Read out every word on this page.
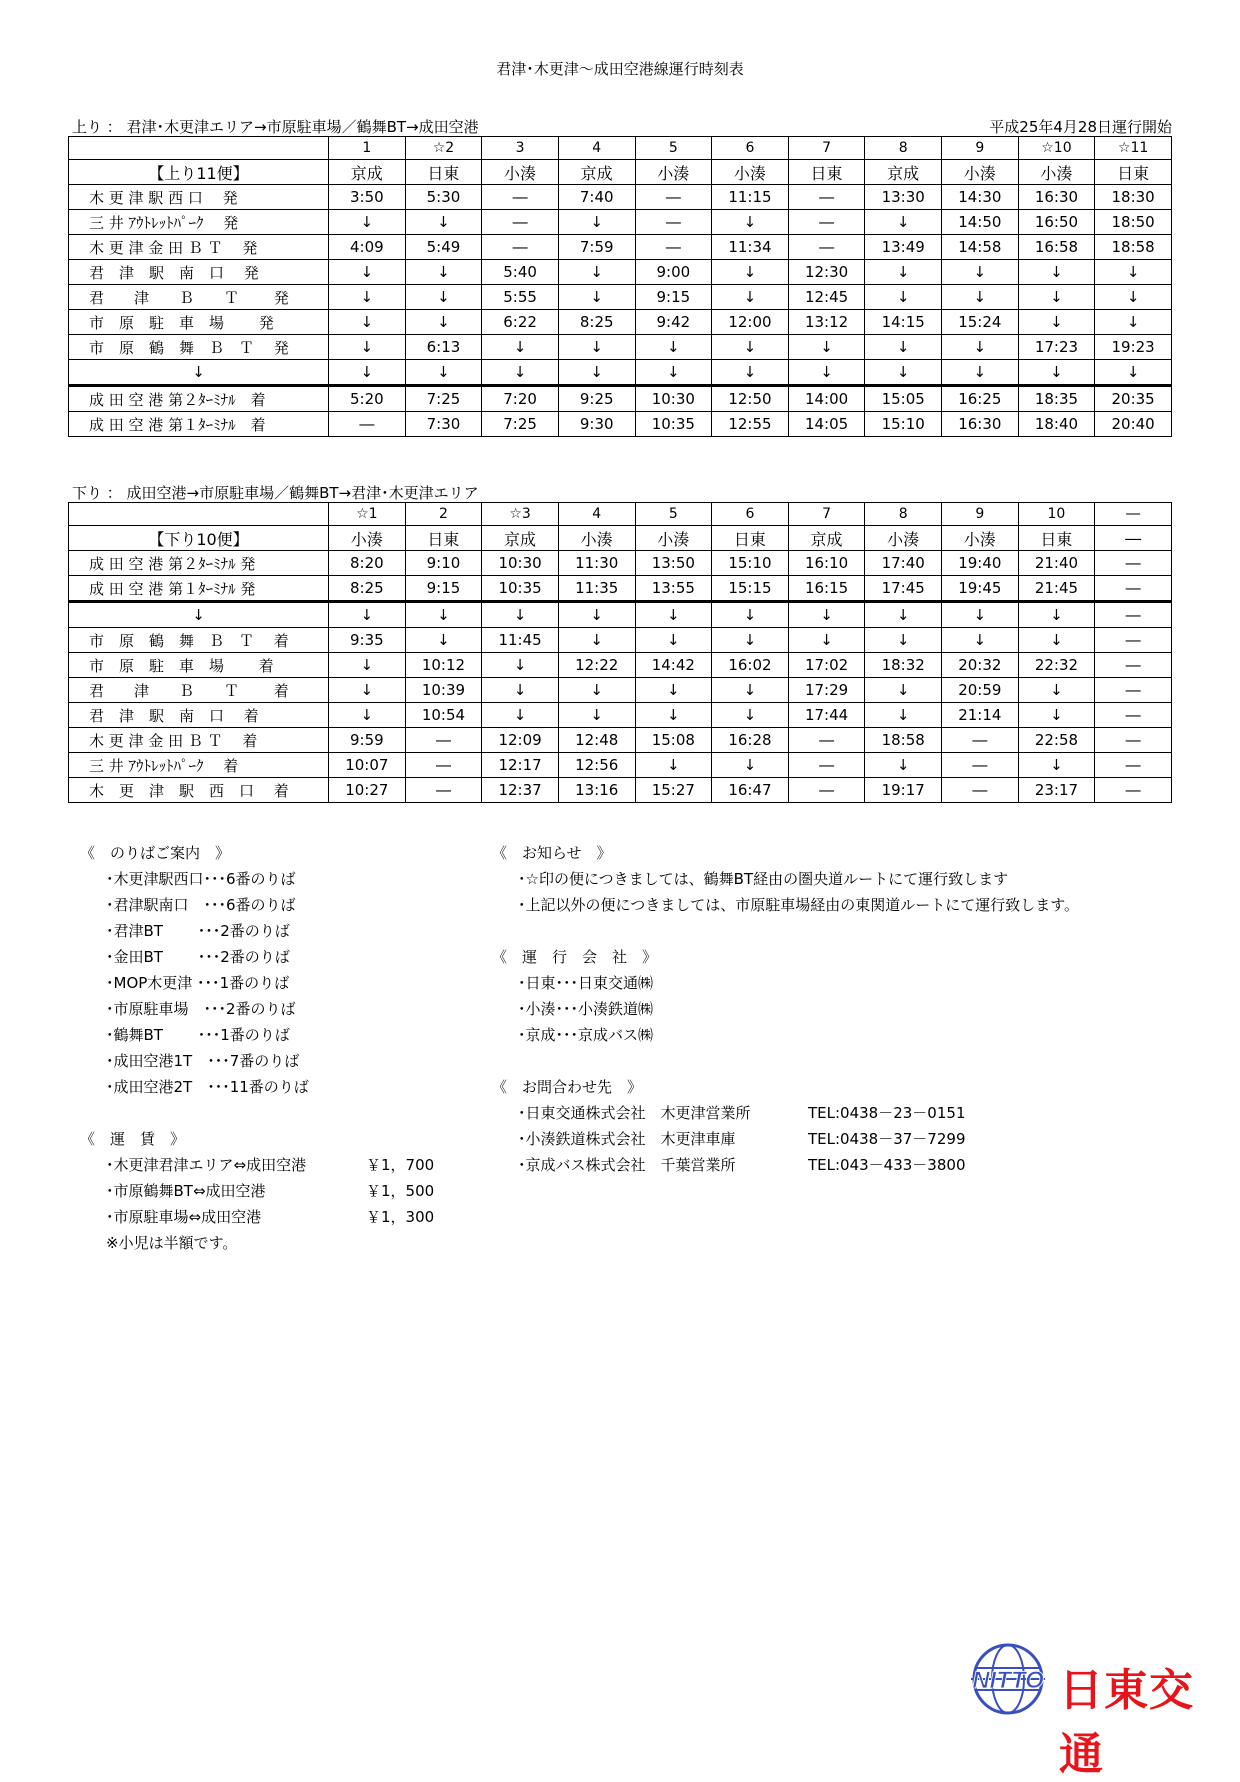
君津･木更津～成田空港線運行時刻表
上り ： 君津･木更津エリア→市原駐車場／鶴舞BT→成田空港	平成25年4月28日運行開始
	1	☆2	3	4	5	6	7	8	9	☆10	☆11
【上り11便】	京成	日東	小湊	京成	小湊	小湊	日東	京成	小湊	小湊	日東
木 更 津 駅 西 口　 発	3:50	5:30	―	7:40	―	11:15	―	13:30	14:30	16:30	18:30
三 井 ｱｳﾄﾚｯﾄﾊﾟｰｸ　 発	↓	↓	―	↓	―	↓	―	↓	14:50	16:50	18:50
木 更 津 金 田 Ｂ Ｔ　 発	4:09	5:49	―	7:59	―	11:34	―	13:49	14:58	16:58	18:58
君　津　駅　南　口　 発	↓	↓	5:40	↓	9:00	↓	12:30	↓	↓	↓	↓
君　　津　　Ｂ　　Ｔ　　 発	↓	↓	5:55	↓	9:15	↓	12:45	↓	↓	↓	↓
市　原　駐　車　場　　 発	↓	↓	6:22	8:25	9:42	12:00	13:12	14:15	15:24	↓	↓
市　原　鶴　舞　Ｂ　Ｔ　 発	↓	6:13	↓	↓	↓	↓	↓	↓	↓	17:23	19:23
↓	↓	↓	↓	↓	↓	↓	↓	↓	↓	↓	↓
成 田 空 港 第２ﾀｰﾐﾅﾙ　着	5:20	7:25	7:20	9:25	10:30	12:50	14:00	15:05	16:25	18:35	20:35
成 田 空 港 第１ﾀｰﾐﾅﾙ　着	―	7:30	7:25	9:30	10:35	12:55	14:05	15:10	16:30	18:40	20:40
下り ： 成田空港→市原駐車場／鶴舞BT→君津･木更津エリア
	☆1	2	☆3	4	5	6	7	8	9	10	―
【下り10便】	小湊	日東	京成	小湊	小湊	日東	京成	小湊	小湊	日東	―
成 田 空 港 第２ﾀｰﾐﾅﾙ 発	8:20	9:10	10:30	11:30	13:50	15:10	16:10	17:40	19:40	21:40	―
成 田 空 港 第１ﾀｰﾐﾅﾙ 発	8:25	9:15	10:35	11:35	13:55	15:15	16:15	17:45	19:45	21:45	―
↓	↓	↓	↓	↓	↓	↓	↓	↓	↓	↓	―
市　原　鶴　舞　Ｂ　Ｔ　 着	9:35	↓	11:45	↓	↓	↓	↓	↓	↓	↓	―
市　原　駐　車　場　　 着	↓	10:12	↓	12:22	14:42	16:02	17:02	18:32	20:32	22:32	―
君　　津　　Ｂ　　Ｔ　　 着	↓	10:39	↓	↓	↓	↓	17:29	↓	20:59	↓	―
君　津　駅　南　口　 着	↓	10:54	↓	↓	↓	↓	17:44	↓	21:14	↓	―
木 更 津 金 田 Ｂ Ｔ　 着	9:59	―	12:09	12:48	15:08	16:28	―	18:58	―	22:58	―
三 井 ｱｳﾄﾚｯﾄﾊﾟｰｸ　 着	10:07	―	12:17	12:56	↓	↓	―	↓	―	↓	―
木　更　津　駅　西　口　 着	10:27	―	12:37	13:16	15:27	16:47	―	19:17	―	23:17	―
《　のりばご案内　》
･木更津駅西口･･･6番のりば
･君津駅南口　･･･6番のりば
･君津BT　　 ･･･2番のりば
･金田BT　　 ･･･2番のりば
･MOP木更津 ･･･1番のりば
･市原駐車場　･･･2番のりば
･鶴舞BT　　 ･･･1番のりば
･成田空港1T　･･･7番のりば
･成田空港2T　･･･11番のりば
《　運　賃　》
･木更津君津エリア⇔成田空港	￥1，700
･市原鶴舞BT⇔成田空港	￥1，500
･市原駐車場⇔成田空港	￥1，300
※小児は半額です。
《　お知らせ　》
･☆印の便につきましては、鶴舞BT経由の圏央道ルートにて運行致します
･上記以外の便につきましては、市原駐車場経由の東関道ルートにて運行致します。
《　運　行　会　社　》
･日東･･･日東交通㈱
･小湊･･･小湊鉄道㈱
･京成･･･京成バス㈱
《　お問合わせ先　》
･日東交通株式会社　木更津営業所	TEL:0438－23－0151
･小湊鉄道株式会社　木更津車庫	TEL:0438－37－7299
･京成バス株式会社　千葉営業所	TEL:043－433－3800
NITTO 日東交通
